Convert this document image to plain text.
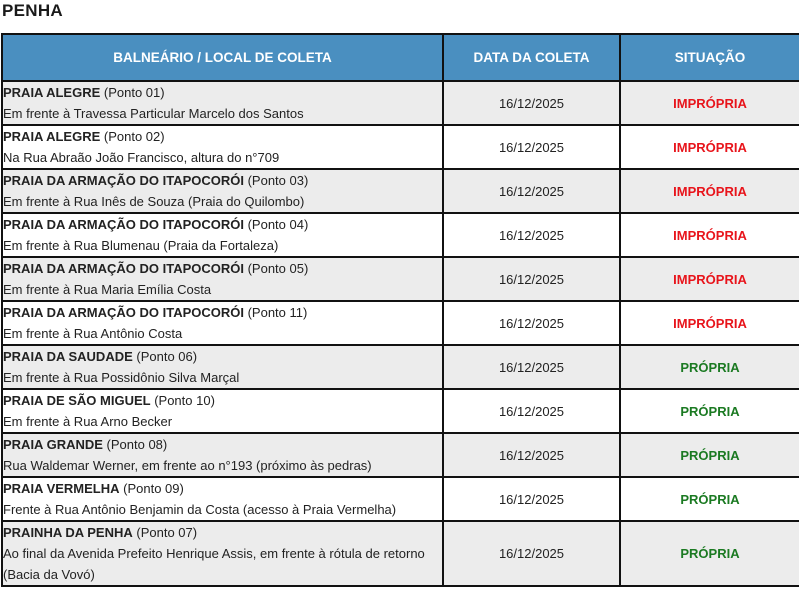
PENHA
BALNEÁRIO / LOCAL DE COLETA	DATA DA COLETA	SITUAÇÃO
PRAIA ALEGRE (Ponto 01)
Em frente à Travessa Particular Marcelo dos Santos	16/12/2025	IMPRÓPRIA
PRAIA ALEGRE (Ponto 02)
Na Rua Abraão João Francisco, altura do n°709	16/12/2025	IMPRÓPRIA
PRAIA DA ARMAÇÃO DO ITAPOCORÓI (Ponto 03)
Em frente à Rua Inês de Souza (Praia do Quilombo)	16/12/2025	IMPRÓPRIA
PRAIA DA ARMAÇÃO DO ITAPOCORÓI (Ponto 04)
Em frente à Rua Blumenau (Praia da Fortaleza)	16/12/2025	IMPRÓPRIA
PRAIA DA ARMAÇÃO DO ITAPOCORÓI (Ponto 05)
Em frente à Rua Maria Emília Costa	16/12/2025	IMPRÓPRIA
PRAIA DA ARMAÇÃO DO ITAPOCORÓI (Ponto 11)
Em frente à Rua Antônio Costa	16/12/2025	IMPRÓPRIA
PRAIA DA SAUDADE (Ponto 06)
Em frente à Rua Possidônio Silva Marçal	16/12/2025	PRÓPRIA
PRAIA DE SÃO MIGUEL (Ponto 10)
Em frente à Rua Arno Becker	16/12/2025	PRÓPRIA
PRAIA GRANDE (Ponto 08)
Rua Waldemar Werner, em frente ao n°193 (próximo às pedras)	16/12/2025	PRÓPRIA
PRAIA VERMELHA (Ponto 09)
Frente à Rua Antônio Benjamin da Costa (acesso à Praia Vermelha)	16/12/2025	PRÓPRIA
PRAINHA DA PENHA (Ponto 07)
Ao final da Avenida Prefeito Henrique Assis, em frente à rótula de retorno (Bacia da Vovó)	16/12/2025	PRÓPRIA
